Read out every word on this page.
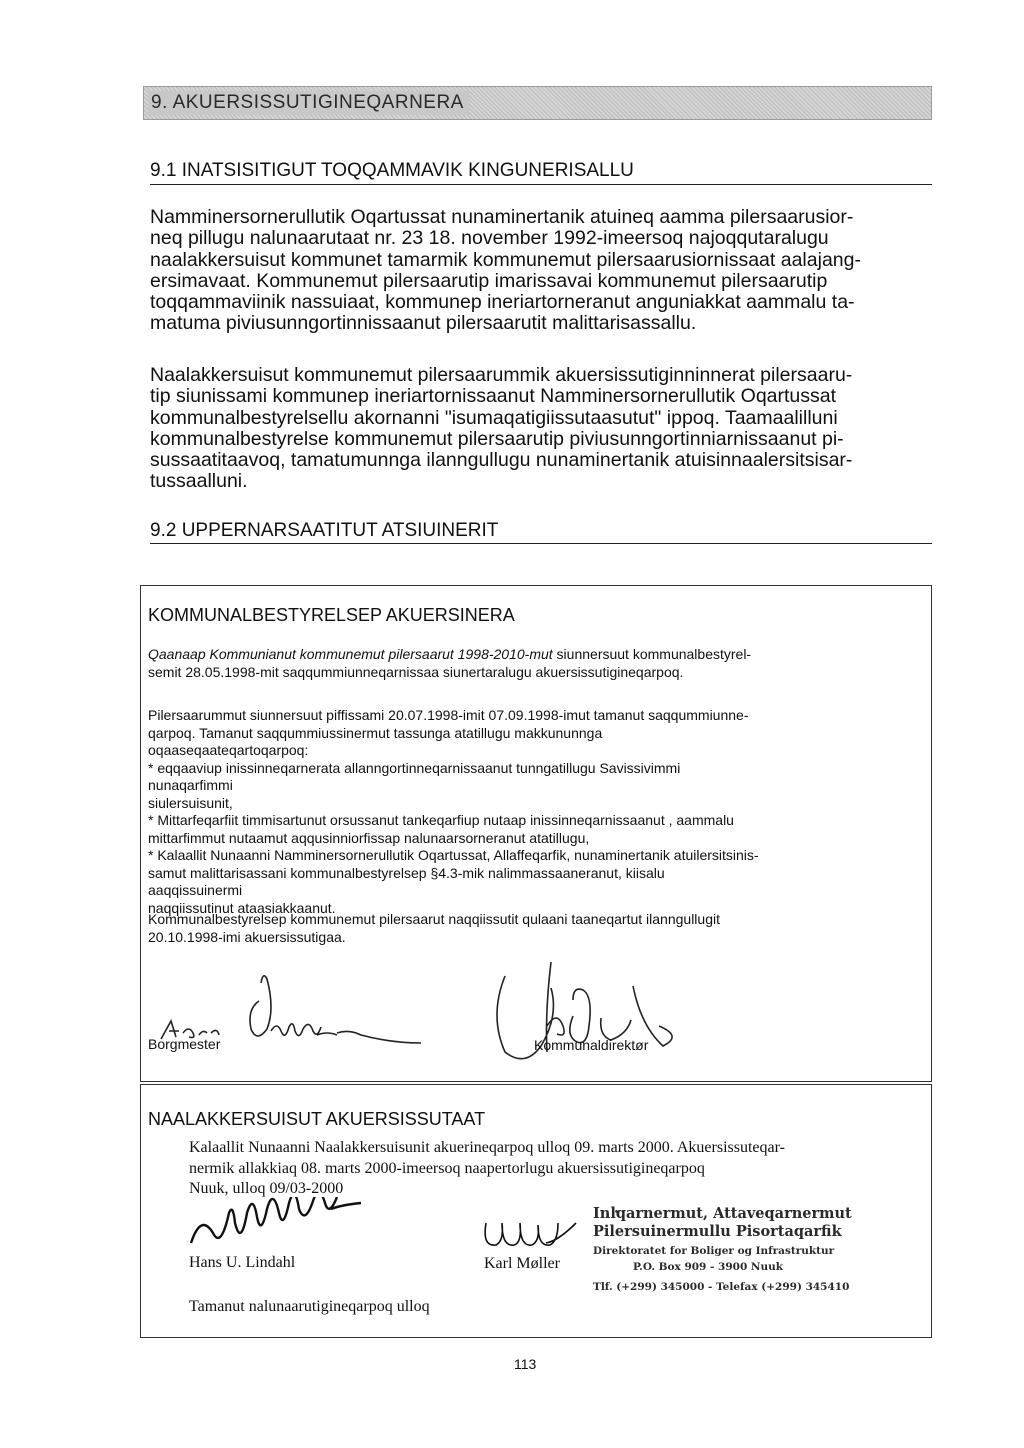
9. AKUERSISSUTIGINEQARNERA
9.1 INATSISITIGUT TOQQAMMAVIK KINGUNERISALLU
Namminersornerullutik Oqartussat nunaminertanik atuineq aamma pilersaarusior-
neq pillugu nalunaarutaat nr. 23 18. november 1992-imeersoq najoqqutaralugu
naalakkersuisut kommunet tamarmik kommunemut pilersaarusiornissaat aalajang-
ersimavaat. Kommunemut pilersaarutip imarissavai kommunemut pilersaarutip
toqqammaviinik nassuiaat, kommunep ineriartorneranut anguniakkat aammalu ta-
matuma piviusunngortinnissaanut pilersaarutit malittarisassallu.
Naalakkersuisut kommunemut pilersaarummik akuersissutiginninnerat pilersaaru-
tip siunissami kommunep ineriartornissaanut Namminersornerullutik Oqartussat
kommunalbestyrelsellu akornanni "isumaqatigiissutaasutut" ippoq. Taamaalilluni
kommunalbestyrelse kommunemut pilersaarutip piviusunngortinniarnissaanut pi-
sussaatitaavoq, tamatumunnga ilanngullugu nunaminertanik atuisinnaalersitsisar-
tussaalluni.
9.2 UPPERNARSAATITUT ATSIUINERIT
KOMMUNALBESTYRELSEP AKUERSINERA
Qaanaap Kommunianut kommunemut pilersaarut 1998-2010-mut siunnersuut kommunalbestyrel-
semit 28.05.1998-mit saqqummiunneqarnissaa siunertaralugu akuersissutigineqarpoq.
Pilersaarummut siunnersuut piffissami 20.07.1998-imit 07.09.1998-imut tamanut saqqummiunne-
qarpoq. Tamanut saqqummiussinermut tassunga atatillugu makkununnga oqaaseqaateqartoqarpoq:
* eqqaaviup inissinneqarnerata allanngortinneqarnissaanut tunngatillugu Savissivimmi nunaqarfimmi
siulersuisunit,
* Mittarfeqarfiit timmisartunut orsussanut tankeqarfiup nutaap inissinneqarnissaanut , aammalu
mittarfimmut nutaamut aqqusinniorfissap nalunaarsorneranut atatillugu,
* Kalaallit Nunaanni Namminersornerullutik Oqartussat, Allaffeqarfik, nunaminertanik atuilersitsinis-
samut malittarisassani kommunalbestyrelsep §4.3-mik nalimmassaaneranut, kiisalu aaqqissuinermi
naqqiissutinut ataasiakkaanut.
Kommunalbestyrelsep kommunemut pilersaarut naqqiissutit qulaani taaneqartut ilanngullugit
20.10.1998-imi akuersissutigaa.
Borgmester	Kommunaldirektør
NAALAKKERSUISUT AKUERSISSUTAAT
Kalaallit Nunaanni Naalakkersuisunit akuerineqarpoq ulloq 09. marts 2000. Akuersissuteqar-
nermik allakkiaq 08. marts 2000-imeersoq naapertorlugu akuersissutigineqarpoq
Nuuk, ulloq 09/03-2000
Hans U. Lindahl	Karl Møller
Tamanut nalunaarutigineqarpoq ulloq
Inŀqarnermut, Attaveqarnermut
Pilersuinermullu Pisortaqarfik
Direktoratet for Boliger og Infrastruktur
P.O. Box 909 - 3900 Nuuk
Tlf. (+299) 345000 - Telefax (+299) 345410
113
